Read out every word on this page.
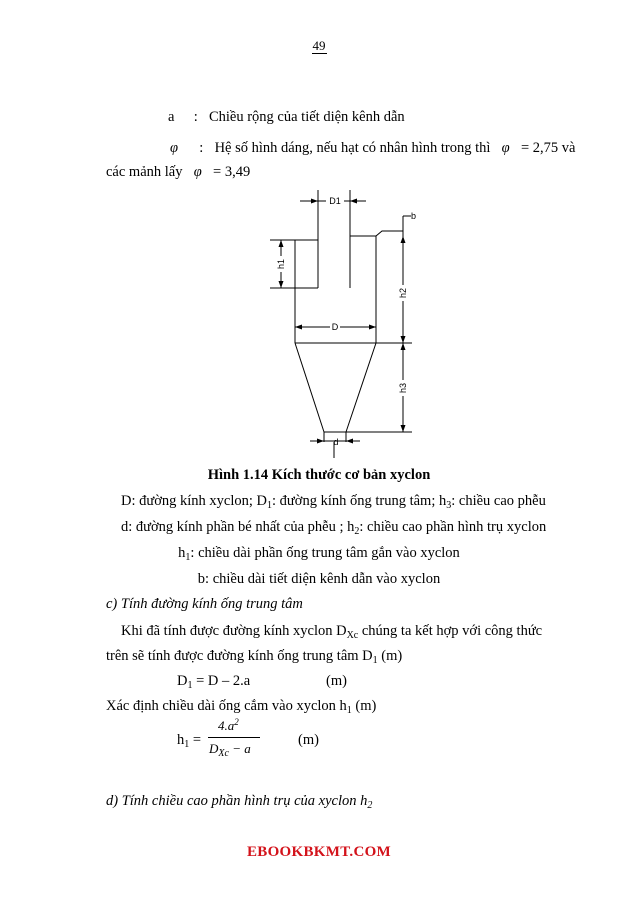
49
a : Chiều rộng của tiết diện kênh dẫn
φ : Hệ số hình dáng, nếu hạt có nhân hình trong thì φ = 2,75 và
các mảnh lấy φ = 3,49
D1
b
h1
h2
D
h3
d
Hình 1.14 Kích thước cơ bản xyclon
D: đường kính xyclon; $D_1$: đường kính ống trung tâm; $h_3$: chiều cao phễu
d: đường kính phần bé nhất của phễu ; $h_2$: chiều cao phần hình trụ xyclon
$h_1$: chiều dài phần ống trung tâm gắn vào xyclon
b: chiều dài tiết diện kênh dẫn vào xyclon
c) Tính đường kính ống trung tâm
Khi đã tính được đường kính xyclon $D_{Xc}$ chúng ta kết hợp với công thức
trên sẽ tính được đường kính ống trung tâm $D_1$ (m)
$D_1 = D - 2.a$	(m)
Xác định chiều dài ống cắm vào xyclon $h_1$ (m)
$h_1$ =
$4.a^2$
$D_{Xc} - a$
(m)
d) Tính chiều cao phần hình trụ của xyclon $h_2$
EBOOKBKMT.COM
